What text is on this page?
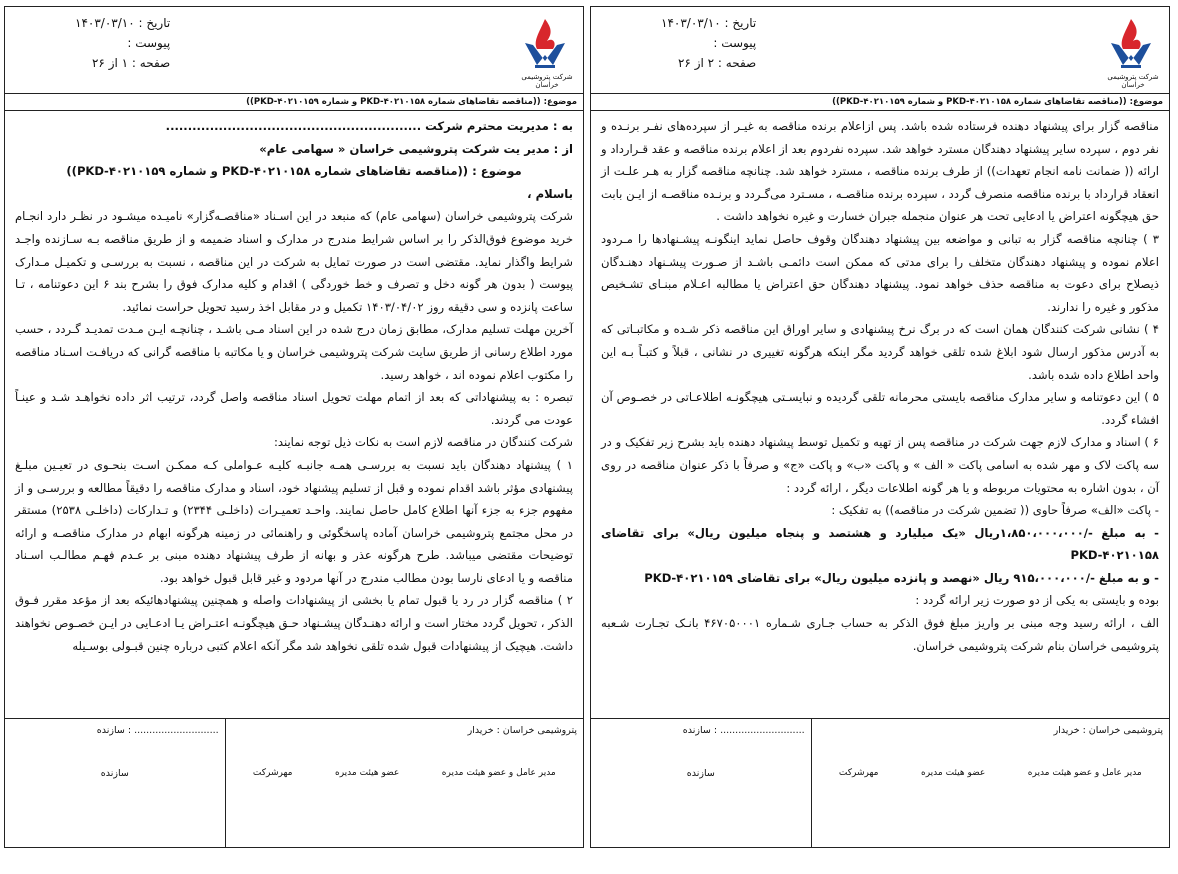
تاریخ : ۱۴۰۳/۰۳/۱۰
پیوست :
صفحه : ۲ از ۲۶
شرکت پتروشیمی خراسان
موضوع: ((مناقصه تقاضاهای شماره ۴۰۲۱۰۱۵۸-PKD و شماره ۴۰۲۱۰۱۵۹-PKD))

مناقصه گزار برای پیشنهاد دهنده فرستاده شده باشد. پس ازاعلام برنده مناقصه به غیـر از سپرده‌های نفـر برنـده و نفر دوم ، سپرده سایر پیشنهاد دهندگان مسترد خواهد شد. سپرده نفردوم بعد از اعلام برنده مناقصه و عقد قـرارداد و ارائه (( ضمانت نامه انجام تعهدات)) از طرف برنده مناقصه ، مسترد خواهد شد. چنانچه مناقصه گزار به هـر علـت از انعقاد قرارداد با برنده مناقصه منصرف گردد ، سپرده برنده مناقصـه ، مسـترد می‌گـردد و برنـده مناقصـه از ایـن بابت حق هیچگونه اعتراض یا ادعایی تحت هر عنوان منجمله جبران خسارت و غیره نخواهد داشت .

۳ ) چنانچه مناقصه گزار به تبانی و مواضعه بین پیشنهاد دهندگان وقوف حاصل نماید اینگونـه پیشـنهادها را مـردود اعلام نموده و پیشنهاد دهندگان متخلف را برای مدتی که ممکن است دائمـی باشـد از صـورت پیشـنهاد دهنـدگان ذیصلاح برای دعوت به مناقصه حذف خواهد نمود. پیشنهاد دهندگان حق اعتراض یا مطالبه اعـلام مبنـای تشـخیص مذکور و غیره را ندارند.

۴ ) نشانی شرکت کنندگان همان است که در برگ نرخ پیشنهادی و سایر اوراق این مناقصه ذکر شـده و مکاتبـاتی که به آدرس مذکور ارسال شود ابلاغ شده تلقی خواهد گردید مگر اینکه هرگونه تغییری در نشانی ، قبلاً و کتبـاً بـه این واحد اطلاع داده شده باشد.

۵ ) این دعوتنامه و سایر مدارک مناقصه بایستی محرمانه تلقی گردیده و نبایسـتی هیچگونـه اطلاعـاتی در خصـوص آن افشاء گردد.

۶ ) اسناد و مدارک لازم جهت شرکت در مناقصه پس از تهیه و تکمیل توسط پیشنهاد دهنده باید بشرح زیر تفکیک و در سه پاکت لاک و مهر شده به اسامی پاکت « الف » و پاکت «ب» و پاکت «ج» و صرفاً با ذکر عنوان مناقصه در روی آن ، بدون اشاره به محتویات مربوطه و یا هر گونه اطلاعات دیگر ، ارائه گردد :

- پاکت «الف» صرفاً حاوی (( تضمین شرکت در مناقصه)) به تفکیک :

- به مبلغ -/۱،۸۵۰،۰۰۰،۰۰۰ریال «یک میلیارد و هشتصد و پنجاه میلیون ریال» برای تقاضای ۴۰۲۱۰۱۵۸-PKD

- و به مبلغ -/۹۱۵،۰۰۰،۰۰۰ ریال «نهصد و پانزده میلیون ریال» برای تقاضای ۴۰۲۱۰۱۵۹-PKD

بوده و بایستی به یکی از دو صورت زیر ارائه گردد :

الف ، ارائه رسید وجه مبنی بر واریز مبلغ فوق الذکر به حساب جـاری شـماره ۴۶۷۰۵۰۰۰۱ بانـک تجـارت شـعبه پتروشیمی خراسان بنام شرکت پتروشیمی خراسان.

پتروشیمی خراسان : خریدار
مدیر عامل و عضو هیئت مدیره
عضو هیئت مدیره
مهرشرکت
............................ : سازنده
سازنده
تاریخ : ۱۴۰۳/۰۳/۱۰
پیوست :
صفحه : ۱ از ۲۶
شرکت پتروشیمی خراسان
موضوع: ((مناقصه تقاضاهای شماره ۴۰۲۱۰۱۵۸-PKD و شماره ۴۰۲۱۰۱۵۹-PKD))

به : مدیریت محترم شرکت ..........................................................

از : مدیر یت شرکت پتروشیمی خراسان « سهامی عام»

موضوع : ((مناقصه تقاضاهای شماره ۴۰۲۱۰۱۵۸-PKD و شماره ۴۰۲۱۰۱۵۹-PKD))

باسلام ،

شرکت پتروشیمی خراسان (سهامی عام) که منبعد در این اسـناد «مناقصـه‌گزار» نامیـده میشـود در نظـر دارد انجـام خرید موضوع فوق‌الذکر را بر اساس شرایط مندرج در مدارک و اسناد ضمیمه و از طریق مناقصه بـه سـازنده واجـد شرایط واگذار نماید. مقتضی است در صورت تمایل به شرکت در این مناقصه ، نسبت به بررسـی و تکمیـل مـدارک پیوست ( بدون هر گونه دخل و تصرف و خط خوردگی ) اقدام و کلیه مدارک فوق را بشرح بند ۶ این دعوتنامه ، تـا ساعت پانزده و سی دقیقه روز ۱۴۰۳/۰۴/۰۲ تکمیل و در مقابل اخذ رسید تحویل حراست نمائید.

آخرین مهلت تسلیم مدارک، مطابق زمان درج شده در این اسناد مـی باشـد ، چنانچـه ایـن مـدت تمدیـد گـردد ، حسب مورد اطلاع رسانی از طریق سایت شرکت پتروشیمی خراسان و یا مکاتبه با مناقصه گرانی که دریافـت اسـناد مناقصه را مکتوب اعلام نموده اند ، خواهد رسید.

تبصره : به پیشنهاداتی که بعد از اتمام مهلت تحویل اسناد مناقصه واصل گردد، ترتیب اثر داده نخواهـد شـد و عینـاً عودت می گردند.

شرکت کنندگان در مناقصه لازم است به نکات ذیل توجه نمایند:

۱ ) پیشنهاد دهندگان باید نسبت به بررسـی همـه جانبـه کلیـه عـواملی کـه ممکـن اسـت بنحـوی در تعیـین مبلـغ پیشنهادی مؤثر باشد اقدام نموده و قبل از تسلیم پیشنهاد خود، اسناد و مدارک مناقصه را دقیقاً مطالعه و بررسـی و از مفهوم جزء به جزء آنها اطلاع کامل حاصل نمایند. واحـد تعمیـرات (داخلـی ۲۳۴۴) و تـدارکات (داخلـی ۲۵۳۸) مستقر در محل مجتمع پتروشیمی خراسان آماده پاسخگوئی و راهنمائی در زمینه هرگونه ابهام در مدارک مناقصـه و ارائه توضیحات مقتضی میباشد. طرح هرگونه عذر و بهانه از طرف پیشنهاد دهنده مبنی بر عـدم فهـم مطالـب اسـناد مناقصه و یا ادعای نارسا بودن مطالب مندرج در آنها مردود و غیر قابل قبول خواهد بود.

۲ ) مناقصه گزار در رد یا قبول تمام یا بخشی از پیشنهادات واصله و همچنین پیشنهادهائیکه بعد از مؤعد مقرر فـوق الذکر ، تحویل گردد مختار است و ارائه دهنـدگان پیشـنهاد حـق هیچگونـه اعتـراض یـا ادعـایی در ایـن خصـوص نخواهند داشت. هیچیک از پیشنهادات قبول شده تلقی نخواهد شد مگر آنکه اعلام کتبی درباره چنین قبـولی بوسـیله

پتروشیمی خراسان : خریدار
مدیر عامل و عضو هیئت مدیره
عضو هیئت مدیره
مهرشرکت
............................ : سازنده
سازنده
